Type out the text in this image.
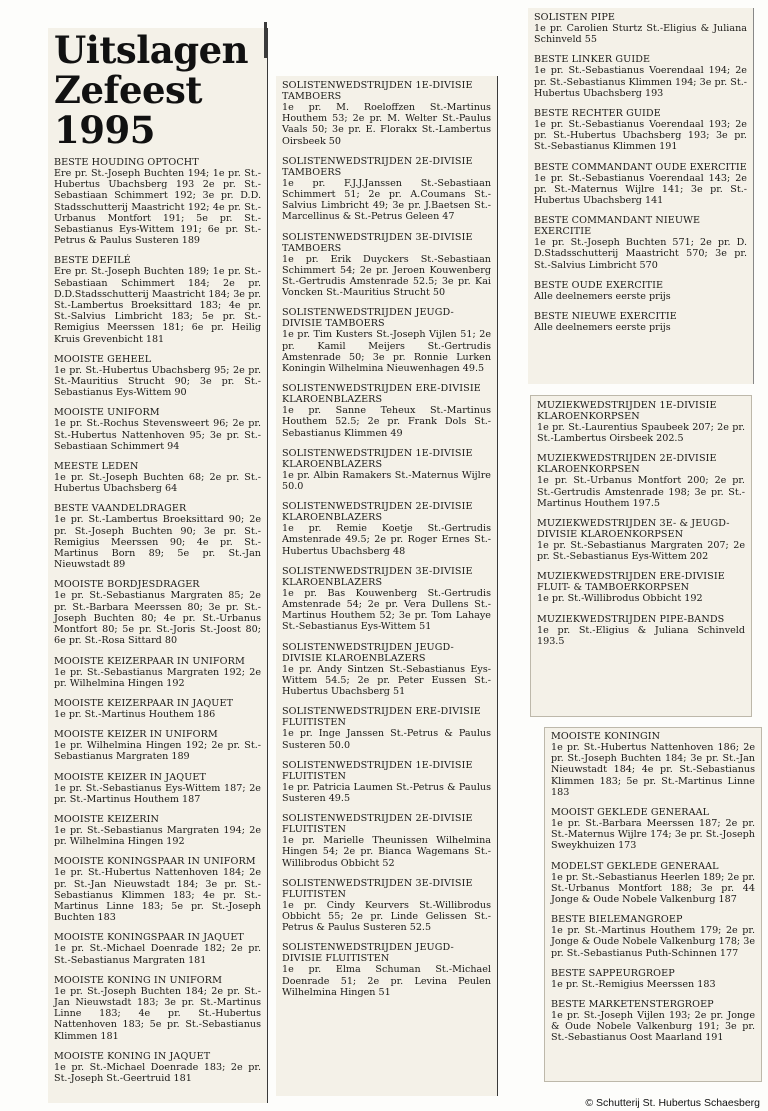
Uitslagen Zefeest 1995
BESTE HOUDING OPTOCHT
Ere pr. St.-Joseph Buchten 194; 1e pr. St.-Hubertus Ubachsberg 193 2e pr. St.-Sebastiaan Schimmert 192; 3e pr. D.D. Stadsschutterij Maastricht 192; 4e pr. St.-Urbanus Montfort 191; 5e pr. St.-Sebastianus Eys-Wittem 191; 6e pr. St.-Petrus & Paulus Susteren 189
BESTE DEFILÉ
Ere pr. St.-Joseph Buchten 189; 1e pr. St.-Sebastiaan Schimmert 184; 2e pr. D.D.Stadsschutterij Maastricht 184; 3e pr. St.-Lambertus Broeksittard 183; 4e pr. St.-Salvius Limbricht 183; 5e pr. St.-Remigius Meerssen 181; 6e pr. Heilig Kruis Grevenbicht 181
MOOISTE GEHEEL
1e pr. St.-Hubertus Ubachsberg 95; 2e pr. St.-Mauritius Strucht 90; 3e pr. St.-Sebastianus Eys-Wittem 90
MOOISTE UNIFORM
1e pr. St.-Rochus Stevensweert 96; 2e pr. St.-Hubertus Nattenhoven 95; 3e pr. St.-Sebastiaan Schimmert 94
MEESTE LEDEN
1e pr. St.-Joseph Buchten 68; 2e pr. St.-Hubertus Ubachsberg 64
BESTE VAANDELDRAGER
1e pr. St.-Lambertus Broeksittard 90; 2e pr. St.-Joseph Buchten 90; 3e pr. St.-Remigius Meerssen 90; 4e pr. St.-Martinus Born 89; 5e pr. St.-Jan Nieuwstadt 89
MOOISTE BORDJESDRAGER
1e pr. St.-Sebastianus Margraten 85; 2e pr. St.-Barbara Meerssen 80; 3e pr. St.-Joseph Buchten 80; 4e pr. St.-Urbanus Montfort 80; 5e pr. St.-Joris St.-Joost 80; 6e pr. St.-Rosa Sittard 80
MOOISTE KEIZERPAAR IN UNIFORM
1e pr. St.-Sebastianus Margraten 192; 2e pr. Wilhelmina Hingen 192
MOOISTE KEIZERPAAR IN JAQUET
1e pr. St.-Martinus Houthem 186
MOOISTE KEIZER IN UNIFORM
1e pr. Wilhelmina Hingen 192; 2e pr. St.-Sebastianus Margraten 189
MOOISTE KEIZER IN JAQUET
1e pr. St.-Sebastianus Eys-Wittem 187; 2e pr. St.-Martinus Houthem 187
MOOISTE KEIZERIN
1e pr. St.-Sebastianus Margraten 194; 2e pr. Wilhelmina Hingen 192
MOOISTE KONINGSPAAR IN UNIFORM
1e pr. St.-Hubertus Nattenhoven 184; 2e pr. St.-Jan Nieuwstadt 184; 3e pr. St.-Sebastianus Klimmen 183; 4e pr. St.-Martinus Linne 183; 5e pr. St.-Joseph Buchten 183
MOOISTE KONINGSPAAR IN JAQUET
1e pr. St.-Michael Doenrade 182; 2e pr. St.-Sebastianus Margraten 181
MOOISTE KONING IN UNIFORM
1e pr. St.-Joseph Buchten 184; 2e pr. St.-Jan Nieuwstadt 183; 3e pr. St.-Martinus Linne 183; 4e pr. St.-Hubertus Nattenhoven 183; 5e pr. St.-Sebastianus Klimmen 181
MOOISTE KONING IN JAQUET
1e pr. St.-Michael Doenrade 183; 2e pr. St.-Joseph St.-Geertruid 181
SOLISTENWEDSTRIJDEN 1E-DIVISIE TAMBOERS
1e pr. M. Roeloffzen St.-Martinus Houthem 53; 2e pr. M. Welter St.-Paulus Vaals 50; 3e pr. E. Florakx St.-Lambertus Oirsbeek 50
SOLISTENWEDSTRIJDEN 2E-DIVISIE TAMBOERS
1e pr. F.J.J.Janssen St.-Sebastiaan Schimmert 51; 2e pr. A.Coumans St.-Salvius Limbricht 49; 3e pr. J.Baetsen St.-Marcellinus & St.-Petrus Geleen 47
SOLISTENWEDSTRIJDEN 3E-DIVISIE TAMBOERS
1e pr. Erik Duyckers St.-Sebastiaan Schimmert 54; 2e pr. Jeroen Kouwenberg St.-Gertrudis Amstenrade 52.5; 3e pr. Kai Voncken St.-Mauritius Strucht 50
SOLISTENWEDSTRIJDEN JEUGD-DIVISIE TAMBOERS
1e pr. Tim Kusters St.-Joseph Vijlen 51; 2e pr. Kamil Meijers St.-Gertrudis Amstenrade 50; 3e pr. Ronnie Lurken Koningin Wilhelmina Nieuwenhagen 49.5
SOLISTENWEDSTRIJDEN ERE-DIVISIE KLAROENBLAZERS
1e pr. Sanne Teheux St.-Martinus Houthem 52.5; 2e pr. Frank Dols St.-Sebastianus Klimmen 49
SOLISTENWEDSTRIJDEN 1E-DIVISIE KLAROENBLAZERS
1e pr. Albin Ramakers St.-Maternus Wijlre 50.0
SOLISTENWEDSTRIJDEN 2E-DIVISIE KLAROENBLAZERS
1e pr. Remie Koetje St.-Gertrudis Amstenrade 49.5; 2e pr. Roger Ernes St.-Hubertus Ubachsberg 48
SOLISTENWEDSTRIJDEN 3E-DIVISIE KLAROENBLAZERS
1e pr. Bas Kouwenberg St.-Gertrudis Amstenrade 54; 2e pr. Vera Dullens St.-Martinus Houthem 52; 3e pr. Tom Lahaye St.-Sebastianus Eys-Wittem 51
SOLISTENWEDSTRIJDEN JEUGD-DIVISIE KLAROENBLAZERS
1e pr. Andy Sintzen St.-Sebastianus Eys-Wittem 54.5; 2e pr. Peter Eussen St.-Hubertus Ubachsberg 51
SOLISTENWEDSTRIJDEN ERE-DIVISIE FLUITISTEN
1e pr. Inge Janssen St.-Petrus & Paulus Susteren 50.0
SOLISTENWEDSTRIJDEN 1E-DIVISIE FLUITISTEN
1e pr. Patricia Laumen St.-Petrus & Paulus Susteren 49.5
SOLISTENWEDSTRIJDEN 2E-DIVISIE FLUITISTEN
1e pr. Marielle Theunissen Wilhelmina Hingen 54; 2e pr. Bianca Wagemans St.-Willibrodus Obbicht 52
SOLISTENWEDSTRIJDEN 3E-DIVISIE FLUITISTEN
1e pr. Cindy Keurvers St.-Willibrodus Obbicht 55; 2e pr. Linde Gelissen St.-Petrus & Paulus Susteren 52.5
SOLISTENWEDSTRIJDEN JEUGD-DIVISIE FLUITISTEN
1e pr. Elma Schuman St.-Michael Doenrade 51; 2e pr. Levina Peulen Wilhelmina Hingen 51
SOLISTEN PIPE
1e pr. Carolien Sturtz St.-Eligius & Juliana Schinveld 55
BESTE LINKER GUIDE
1e pr. St.-Sebastianus Voerendaal 194; 2e pr. St.-Sebastianus Klimmen 194; 3e pr. St.-Hubertus Ubachsberg 193
BESTE RECHTER GUIDE
1e pr. St.-Sebastianus Voerendaal 193; 2e pr. St.-Hubertus Ubachsberg 193; 3e pr. St.-Sebastianus Klimmen 191
BESTE COMMANDANT OUDE EXERCITIE
1e pr. St.-Sebastianus Voerendaal 143; 2e pr. St.-Maternus Wijlre 141; 3e pr. St.-Hubertus Ubachsberg 141
BESTE COMMANDANT NIEUWE EXERCITIE
1e pr. St.-Joseph Buchten 571; 2e pr. D. D.Stadsschutterij Maastricht 570; 3e pr. St.-Salvius Limbricht 570
BESTE OUDE EXERCITIE
Alle deelnemers eerste prijs
BESTE NIEUWE EXERCITIE
Alle deelnemers eerste prijs
MUZIEKWEDSTRIJDEN 1E-DIVISIE KLAROENKORPSEN
1e pr. St.-Laurentius Spaubeek 207; 2e pr. St.-Lambertus Oirsbeek 202.5
MUZIEKWEDSTRIJDEN 2E-DIVISIE KLAROENKORPSEN
1e pr. St.-Urbanus Montfort 200; 2e pr. St.-Gertrudis Amstenrade 198; 3e pr. St.-Martinus Houthem 197.5
MUZIEKWEDSTRIJDEN 3E- & JEUGD-DIVISIE KLAROENKORPSEN
1e pr. St.-Sebastianus Margraten 207; 2e pr. St.-Sebastianus Eys-Wittem 202
MUZIEKWEDSTRIJDEN ERE-DIVISIE FLUIT- & TAMBOERKORPSEN
1e pr. St.-Willibrodus Obbicht 192
MUZIEKWEDSTRIJDEN PIPE-BANDS
1e pr. St.-Eligius & Juliana Schinveld 193.5
MOOISTE KONINGIN
1e pr. St.-Hubertus Nattenhoven 186; 2e pr. St.-Joseph Buchten 184; 3e pr. St.-Jan Nieuwstadt 184; 4e pr. St.-Sebastianus Klimmen 183; 5e pr. St.-Martinus Linne 183
MOOIST GEKLEDE GENERAAL
1e pr. St.-Barbara Meerssen 187; 2e pr. St.-Maternus Wijlre 174; 3e pr. St.-Joseph Sweykhuizen 173
MODELST GEKLEDE GENERAAL
1e pr. St.-Sebastianus Heerlen 189; 2e pr. St.-Urbanus Montfort 188; 3e pr. 44 Jonge & Oude Nobele Valkenburg 187
BESTE BIELEMANGROEP
1e pr. St.-Martinus Houthem 179; 2e pr. Jonge & Oude Nobele Valkenburg 178; 3e pr. St.-Sebastianus Puth-Schinnen 177
BESTE SAPPEURGROEP
1e pr. St.-Remigius Meerssen 183
BESTE MARKETENSTERGROEP
1e pr. St.-Joseph Vijlen 193; 2e pr. Jonge & Oude Nobele Valkenburg 191; 3e pr. St.-Sebastianus Oost Maarland 191
© Schutterij St. Hubertus Schaesberg
